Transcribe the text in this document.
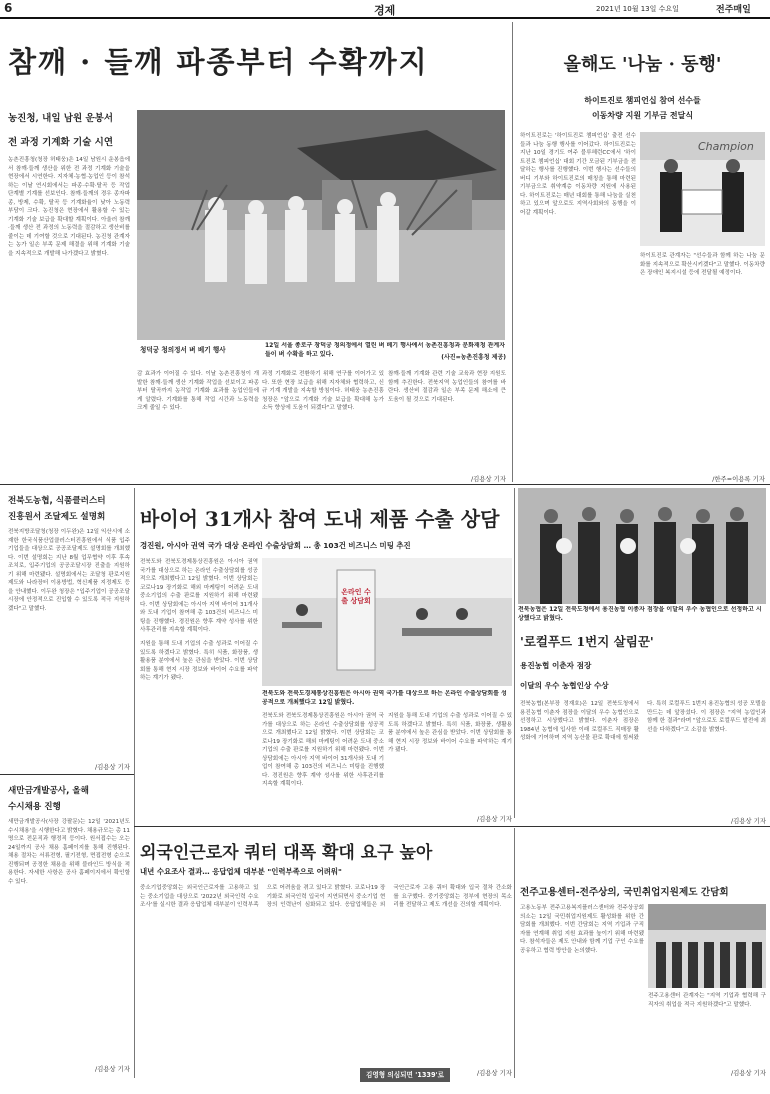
6	경제	2021년 10월 13일 수요일	전주매일
참깨 · 들깨 파종부터 수확까지
농진청, 내일 남원 운봉서
전 과정 기계화 기술 시연
농촌진흥청(청장 허태웅)은 14일 남원시 운봉읍에서 참깨·들깨 생산을 위한 전 과정 기계화 기술을 현장에서 시연한다. 지자체·농협·농업인 등이 참석하는 이날 연시회에서는 파종·수확·탈곡 등 작업 단계별 기계를 선보인다. 참깨·들깨의 경우 종자파종, 방제, 수확, 탈곡 등 기계화율이 낮아 노동력 부담이 크다. 농진청은 현장에서 활용할 수 있는 기계화 기술 보급을 확대할 계획이다. 아울러 참깨·들깨 생산 전 과정의 노동력을 절감하고 생산비를 줄이는 데 기여할 것으로 기대된다. 농진청 관계자는 농가 일손 부족 문제 해결을 위해 기계화 기술을 지속적으로 개발해 나가겠다고 밝혔다.
청덕궁 청의정서 벼 베기 행사
12일 서울 종로구 창덕궁 청의정에서 열린 벼 베기 행사에서 농촌진흥청과 문화재청 관계자들이 벼 수확을 하고 있다.	(사진=농촌진흥청 제공)
감 효과가 이어질 수 있다. 이날 농촌진흥청이 개발한 참깨·들깨 생산 기계화 작업을 선보이고 파종부터 탈곡까지 농작업 기계화 효과를 농업인들에게 알렸다. 기계화를 통해 작업 시간과 노동력을 크게 줄일 수 있다.
과정 기계화로 전환하기 위해 연구를 이어가고 있다. 또한 현장 보급을 위해 지자체와 협력하고, 신규 기계 개발을 지속할 방침이다. 허태웅 농촌진흥청장은 "앞으로 기계화 기술 보급을 확대해 농가 소득 향상에 도움이 되겠다"고 말했다.
참깨·들깨 기계화 관련 기술 교육과 현장 지원도 함께 추진한다. 전북지역 농업인들의 참여를 바란다. 생산비 절감과 일손 부족 문제 해소에 큰 도움이 될 것으로 기대된다.
/김용상 기자
올해도 '나눔 · 동행'
하이트진로 챔피언십 참여 선수들
이동차량 지원 기부금 전달식
하이트진로는 '하이트진로 챔피언십' 출전 선수들과 나눔 동행 행사를 이어갔다. 하이트진로는 지난 10일 경기도 여주 블루헤런CC에서 '하이트진로 챔피언십' 대회 기간 모금된 기부금을 전달하는 행사를 진행했다. 이번 행사는 선수들의 버디 기부와 하이트진로의 매칭을 통해 마련된 기부금으로 취약계층 이동차량 지원에 사용된다. 하이트진로는 매년 대회를 통해 나눔을 실천하고 있으며 앞으로도 지역사회와의 동행을 이어갈 계획이다.
Champion
하이트진로 관계자는 "선수들과 함께 하는 나눔 문화를 지속적으로 확산시키겠다"고 말했다. 이동차량은 장애인 복지시설 등에 전달될 예정이다.
/한주=이용록 기자
전북도농협, 식품클러스터
진흥원서 조달제도 설명회
전북지방조달청(청장 이두완)은 12일 익산시에 소재한 한국식품산업클러스터진흥원에서 식품 입주기업들을 대상으로 공공조달제도 설명회를 개최했다. 이번 설명회는 지난 8월 업무협약 이후 후속 조치로, 입주기업의 공공조달시장 진출을 지원하기 위해 마련됐다. 설명회에서는 조달청 판로지원제도와 나라장터 이용방법, 혁신제품 지정제도 등을 안내했다. 이두완 청장은 "입주기업이 공공조달시장에 안정적으로 진입할 수 있도록 적극 지원하겠다"고 말했다.
/김용상 기자
바이어 31개사 참여 도내 제품 수출 상담
경진원, 아시아 권역 국가 대상 온라인 수출상담회 … 총 103건 비즈니스 미팅 추진
전북도와 전북도경제통상진흥원은 아시아 권역 국가를 대상으로 하는 온라인 수출상담회를 성공적으로 개최했다고 12일 밝혔다. 이번 상담회는 코로나19 장기화로 해외 마케팅이 어려운 도내 중소기업의 수출 판로를 지원하기 위해 마련됐다. 이번 상담회에는 아시아 지역 바이어 31개사와 도내 기업이 참여해 총 103건의 비즈니스 미팅을 진행했다. 경진원은 향후 계약 성사를 위한 사후관리를 지속할 계획이다.
온라인 수출 상담회
지원을 통해 도내 기업의 수출 성과로 이어질 수 있도록 하겠다고 밝혔다. 특히 식품, 화장품, 생활용품 분야에서 높은 관심을 받았다. 이번 상담회를 통해 현지 시장 정보와 바이어 수요를 파악하는 계기가 됐다.
전북도와 전북도경제통상진흥원은 아시아 권역 국가를 대상으로 하는 온라인 수출상담회를 성공적으로 개최했다고 12일 밝혔다.
전북도와 전북도경제통상진흥원은 아시아 권역 국가를 대상으로 하는 온라인 수출상담회를 성공적으로 개최했다고 12일 밝혔다. 이번 상담회는 코로나19 장기화로 해외 마케팅이 어려운 도내 중소기업의 수출 판로를 지원하기 위해 마련됐다. 이번 상담회에는 아시아 지역 바이어 31개사와 도내 기업이 참여해 총 103건의 비즈니스 미팅을 진행했다. 경진원은 향후 계약 성사를 위한 사후관리를 지속할 계획이다.
지원을 통해 도내 기업의 수출 성과로 이어질 수 있도록 하겠다고 밝혔다. 특히 식품, 화장품, 생활용품 분야에서 높은 관심을 받았다. 이번 상담회를 통해 현지 시장 정보와 바이어 수요를 파악하는 계기가 됐다.
/김용상 기자
전북농협은 12일 전북도청에서 용진농협 이종자 점장을 이달의 우수 농협인으로 선정하고 시상했다고 밝혔다.
'로컬푸드 1번지 살림꾼'
용진농협 이춘자 점장
이달의 우수 농협인상 수상
전북농협(본부장 정재호)은 12일 전북도청에서 용진농협 이춘자 점장을 이달의 우수 농협인으로 선정하고 시상했다고 밝혔다. 이춘자 점장은 1984년 농협에 입사한 이래 로컬푸드 직매장 활성화에 기여하며 지역 농산물 판로 확대에 힘써왔다. 특히 로컬푸드 1번지 용진농협의 성공 모델을 만드는 데 앞장섰다. 이 점장은 "지역 농업인과 함께 한 결과"라며 "앞으로도 로컬푸드 발전에 최선을 다하겠다"고 소감을 밝혔다.
/김용상 기자
새만금개발공사, 올해
수시채용 진행
새만금개발공사(사장 강팔문)는 12일 '2021년도 수시채용'을 시행한다고 밝혔다. 채용규모는 총 11명으로 전문직과 행정직 등이다. 원서접수는 오는 24일까지 공사 채용 홈페이지를 통해 진행된다. 채용 절차는 서류전형, 필기전형, 면접전형 순으로 진행되며 공정한 채용을 위해 블라인드 방식을 적용한다. 자세한 사항은 공사 홈페이지에서 확인할 수 있다.
/김용상 기자
외국인근로자 쿼터 대폭 확대 요구 높아
내년 수요조사 결과… 응답업체 대부분 "인력부족으로 어려워"
중소기업중앙회는 외국인근로자를 고용하고 있는 중소기업을 대상으로 '2022년 외국인력 수요조사'를 실시한 결과 응답업체 대부분이 인력부족으로 어려움을 겪고 있다고 밝혔다. 코로나19 장기화로 외국인력 입국이 지연되면서 중소기업 현장의 인력난이 심화되고 있다. 응답업체들은 외국인근로자 고용 쿼터 확대와 입국 절차 간소화를 요구했다. 중기중앙회는 정부에 현장의 목소리를 전달하고 제도 개선을 건의할 계획이다.
김영형 의심되면 '1339'로	/김용상 기자
전주고용센터-전주상의, 국민취업지원제도 간담회
고용노동부 전주고용복지플러스센터와 전주상공회의소는 12일 국민취업지원제도 활성화를 위한 간담회를 개최했다. 이번 간담회는 지역 기업과 구직자를 연계해 취업 지원 효과를 높이기 위해 마련됐다. 참석자들은 제도 안내와 함께 기업 구인 수요를 공유하고 협력 방안을 논의했다.
전주고용센터 관계자는 "지역 기업과 협력해 구직자의 취업을 적극 지원하겠다"고 말했다.
/김용상 기자
